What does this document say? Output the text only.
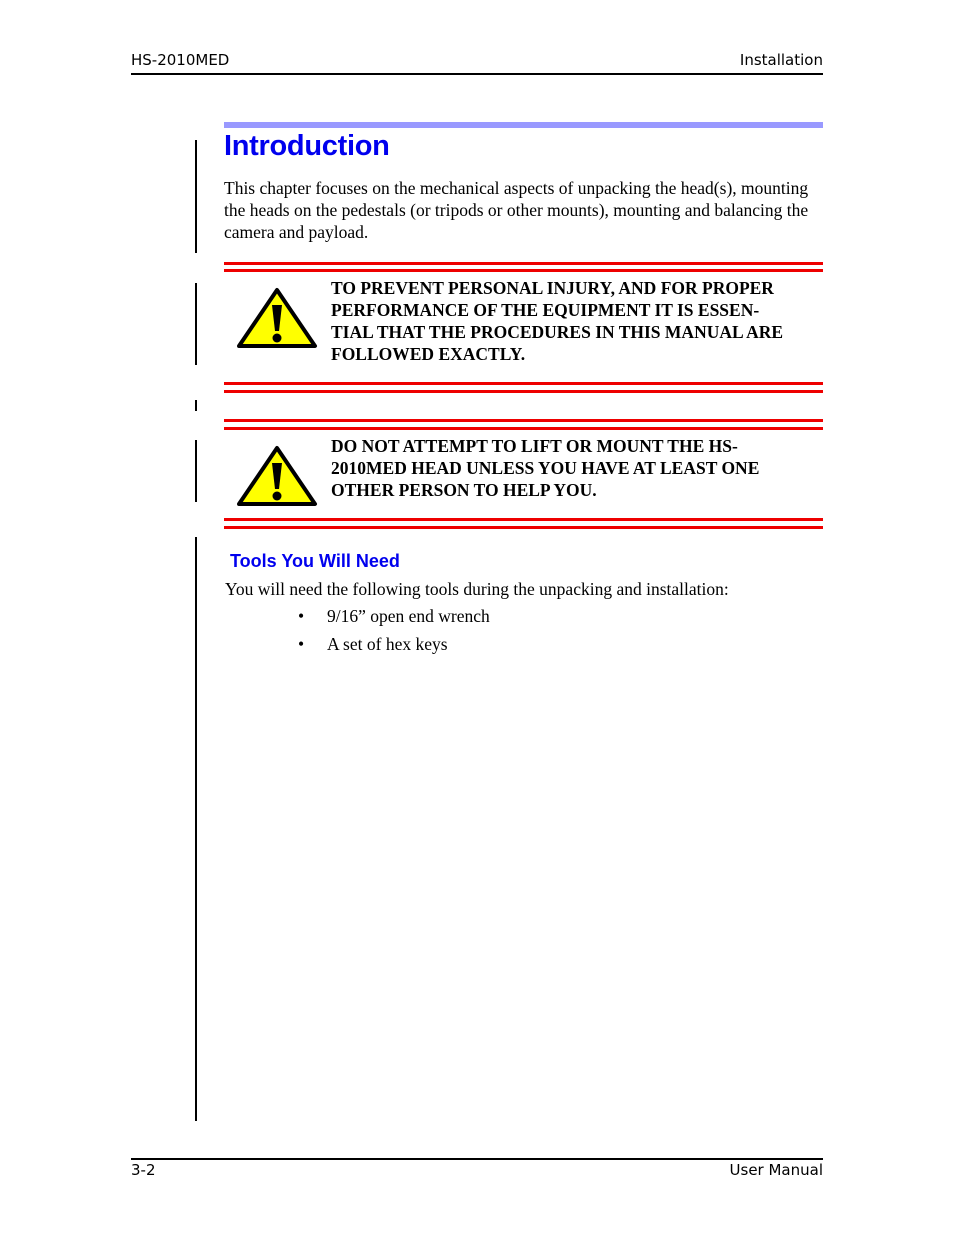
HS-2010MED	Installation
Introduction
This chapter focuses on the mechanical aspects of unpacking the head(s), mounting the heads on the pedestals (or tripods or other mounts), mounting and balancing the camera and payload.
TO PREVENT PERSONAL INJURY, AND FOR PROPER
PERFORMANCE OF THE EQUIPMENT IT IS ESSEN-
TIAL THAT THE PROCEDURES IN THIS MANUAL ARE
FOLLOWED EXACTLY.
DO NOT ATTEMPT TO LIFT OR MOUNT THE HS-
2010MED HEAD UNLESS YOU HAVE AT LEAST ONE
OTHER PERSON TO HELP YOU.
Tools You Will Need
You will need the following tools during the unpacking and installation:
• 9/16” open end wrench
• A set of hex keys
3-2	User Manual
